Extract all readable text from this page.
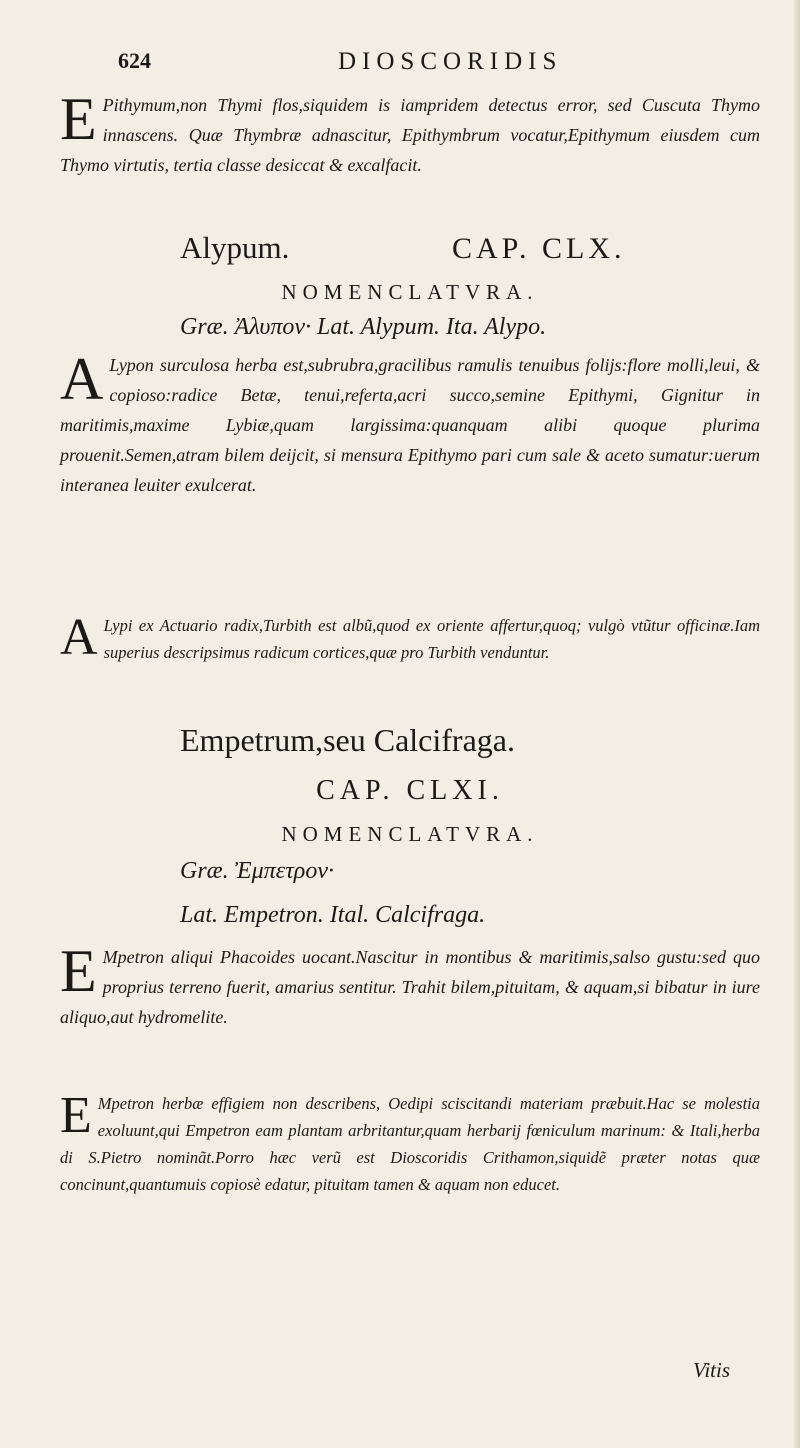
624	DIOSCORIDIS
E Pithymum,non Thymi flos,siquidem is iampridem detectus error, sed Cuscuta Thymo innascens. Quæ Thymbræ adnascitur, Epithymbrum vocatur,Epithymum eiusdem cum Thymo virtutis, tertia classe desiccat & excalfacit.
Alypum.	CAP. CLX.
NOMENCLATVRA.
Græ. Ἀλυπον· Lat. Alypum. Ita. Alypo.
A Lypon surculosa herba est,subrubra,gracilibus ramulis tenuibus folijs:flore molli,leui, & copioso:radice Betæ, tenui,referta,acri succo,semine Epithymi, Gignitur in maritimis,maxime Lybiæ,quam largissima:quanquam alibi quoque plurima prouenit.Semen,atram bilem deijcit, si mensura Epithymo pari cum sale & aceto sumatur:uerum interanea leuiter exulcerat.
A Lypi ex Actuario radix,Turbith est albũ,quod ex oriente affertur,quoq; vulgò vtũtur officinæ.Iam superius descripsimus radicum cortices,quæ pro Turbith venduntur.
Empetrum,seu Calcifraga.
CAP. CLXI.
NOMENCLATVRA.
Græ. Ἐμπετρον·
Lat. Empetron. Ital. Calcifraga.
E Mpetron aliqui Phacoides uocant.Nascitur in montibus & maritimis,salso gustu:sed quo proprius terreno fuerit, amarius sentitur. Trahit bilem,pituitam, & aquam,si bibatur in iure aliquo,aut hydromelite.
E Mpetron herbæ effigiem non describens, Oedipi sciscitandi materiam præbuit.Hac se molestia exoluunt,qui Empetron eam plantam arbritantur,quam herbarij fœniculum marinum: & Itali,herba di S.Pietro nominãt.Porro hæc verũ est Dioscoridis Crithamon,siquidẽ præter notas quæ concinunt,quantumuis copiosè edatur, pituitam tamen & aquam non educet.
Vitis
